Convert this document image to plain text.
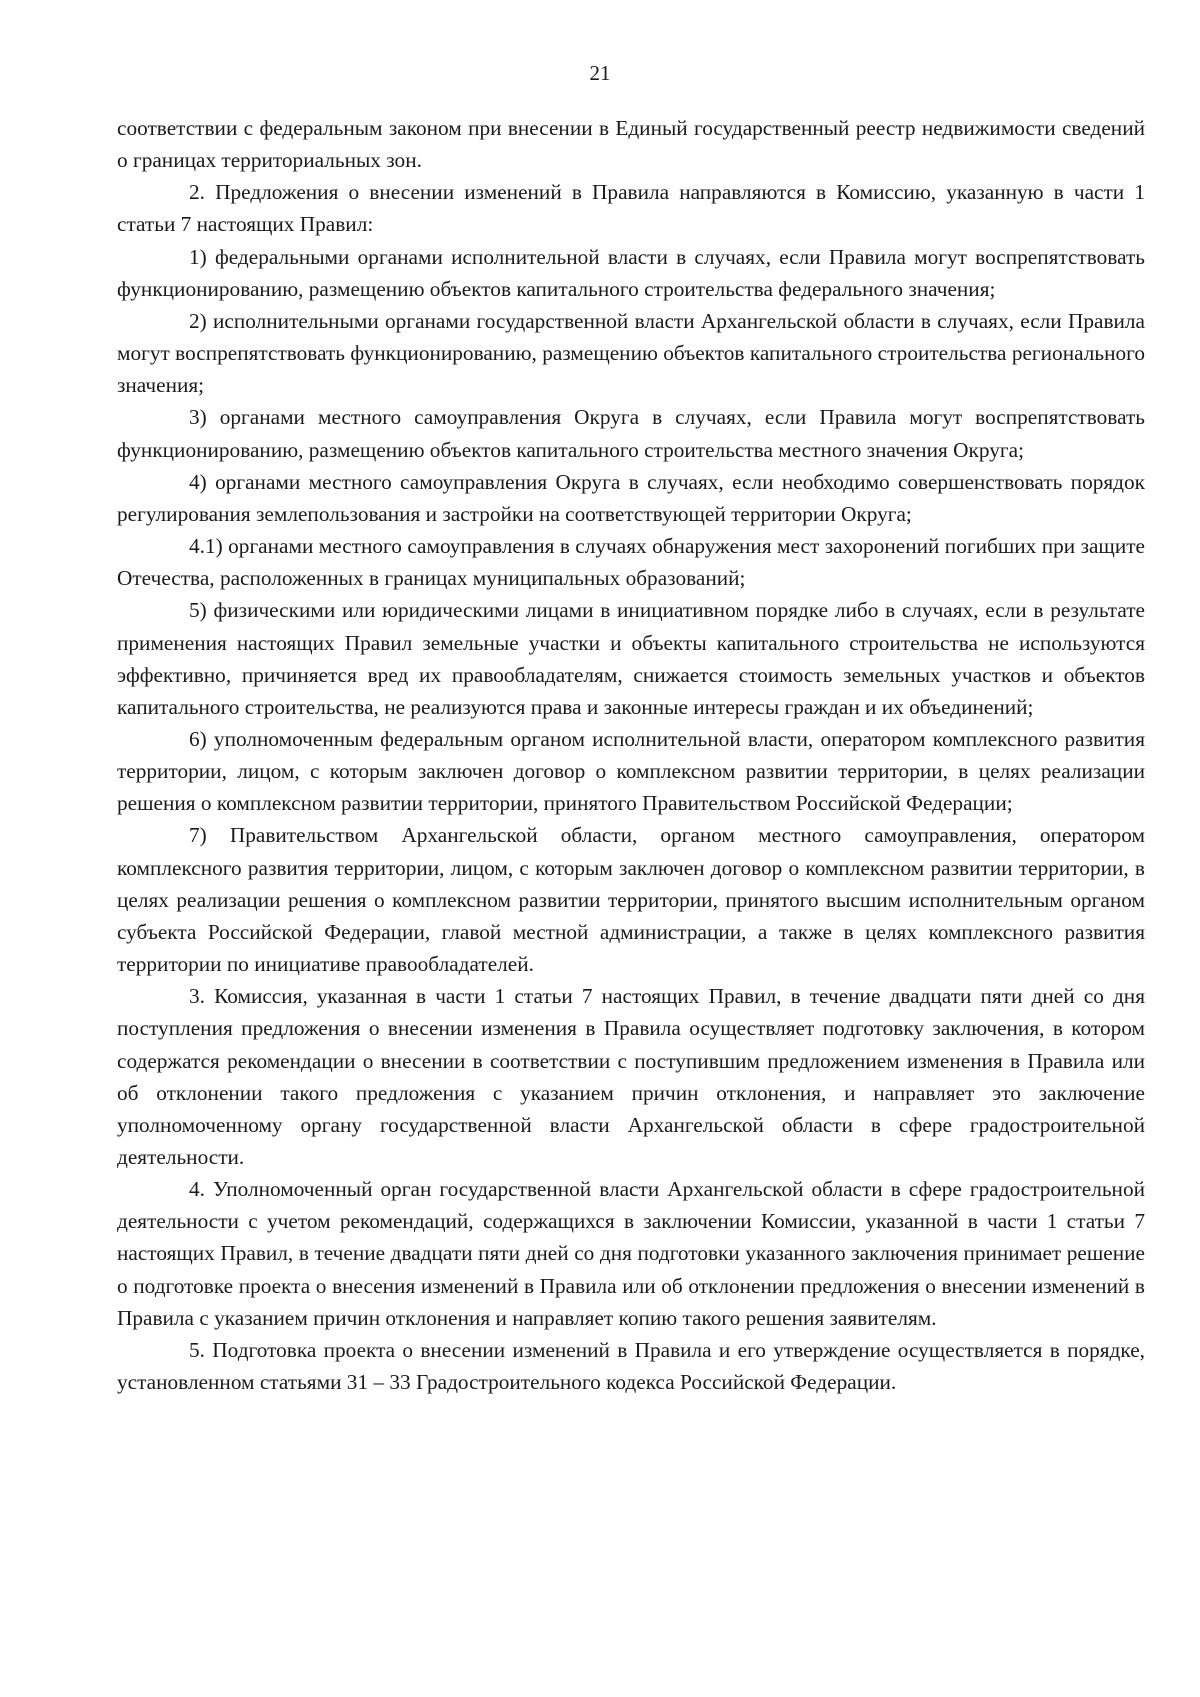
21

соответствии с федеральным законом при внесении в Единый государственный реестр недвижимости сведений о границах территориальных зон.

2. Предложения о внесении изменений в Правила направляются в Комиссию, указанную в части 1 статьи 7 настоящих Правил:

1) федеральными органами исполнительной власти в случаях, если Правила могут воспрепятствовать функционированию, размещению объектов капитального строительства федерального значения;

2) исполнительными органами государственной власти Архангельской области в случаях, если Правила могут воспрепятствовать функционированию, размещению объектов капитального строительства регионального значения;

3) органами местного самоуправления Округа в случаях, если Правила могут воспрепятствовать функционированию, размещению объектов капитального строительства местного значения Округа;

4) органами местного самоуправления Округа в случаях, если необходимо совершенствовать порядок регулирования землепользования и застройки на соответствующей территории Округа;

4.1) органами местного самоуправления в случаях обнаружения мест захоронений погибших при защите Отечества, расположенных в границах муниципальных образований;

5) физическими или юридическими лицами в инициативном порядке либо в случаях, если в результате применения настоящих Правил земельные участки и объекты капитального строительства не используются эффективно, причиняется вред их правообладателям, снижается стоимость земельных участков и объектов капитального строительства, не реализуются права и законные интересы граждан и их объединений;

6) уполномоченным федеральным органом исполнительной власти, оператором комплексного развития территории, лицом, с которым заключен договор о комплексном развитии территории, в целях реализации решения о комплексном развитии территории, принятого Правительством Российской Федерации;

7) Правительством Архангельской области, органом местного самоуправления, оператором комплексного развития территории, лицом, с которым заключен договор о комплексном развитии территории, в целях реализации решения о комплексном развитии территории, принятого высшим исполнительным органом субъекта Российской Федерации, главой местной администрации, а также в целях комплексного развития территории по инициативе правообладателей.

3. Комиссия, указанная в части 1 статьи 7 настоящих Правил, в течение двадцати пяти дней со дня поступления предложения о внесении изменения в Правила осуществляет подготовку заключения, в котором содержатся рекомендации о внесении в соответствии с поступившим предложением изменения в Правила или об отклонении такого предложения с указанием причин отклонения, и направляет это заключение уполномоченному органу государственной власти Архангельской области в сфере градостроительной деятельности.

4. Уполномоченный орган государственной власти Архангельской области в сфере градостроительной деятельности с учетом рекомендаций, содержащихся в заключении Комиссии, указанной в части 1 статьи 7 настоящих Правил, в течение двадцати пяти дней со дня подготовки указанного заключения принимает решение о подготовке проекта о внесения изменений в Правила или об отклонении предложения о внесении изменений в Правила с указанием причин отклонения и направляет копию такого решения заявителям.

5. Подготовка проекта о внесении изменений в Правила и его утверждение осуществляется в порядке, установленном статьями 31 – 33 Градостроительного кодекса Российской Федерации.
